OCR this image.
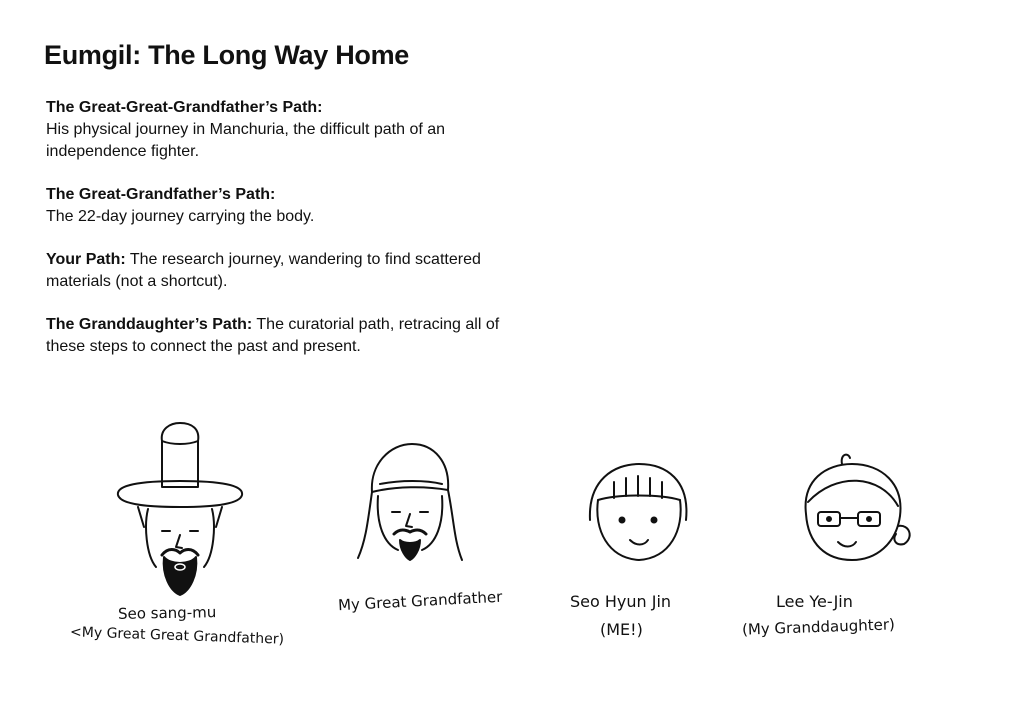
Eumgil: The Long Way Home
The Great-Great-Grandfather’s Path:
His physical journey in Manchuria, the difficult path of an
independence fighter.
The Great-Grandfather’s Path:
The 22-day journey carrying the body.
Your Path: The research journey, wandering to find scattered
materials (not a shortcut).
The Granddaughter’s Path: The curatorial path, retracing all of
these steps to connect the past and present.
Seo sang-mu
<My Great Great Grandfather)
My Great Grandfather	Seo Hyun Jin
(ME!)
Lee Ye-Jin
(My Granddaughter)
